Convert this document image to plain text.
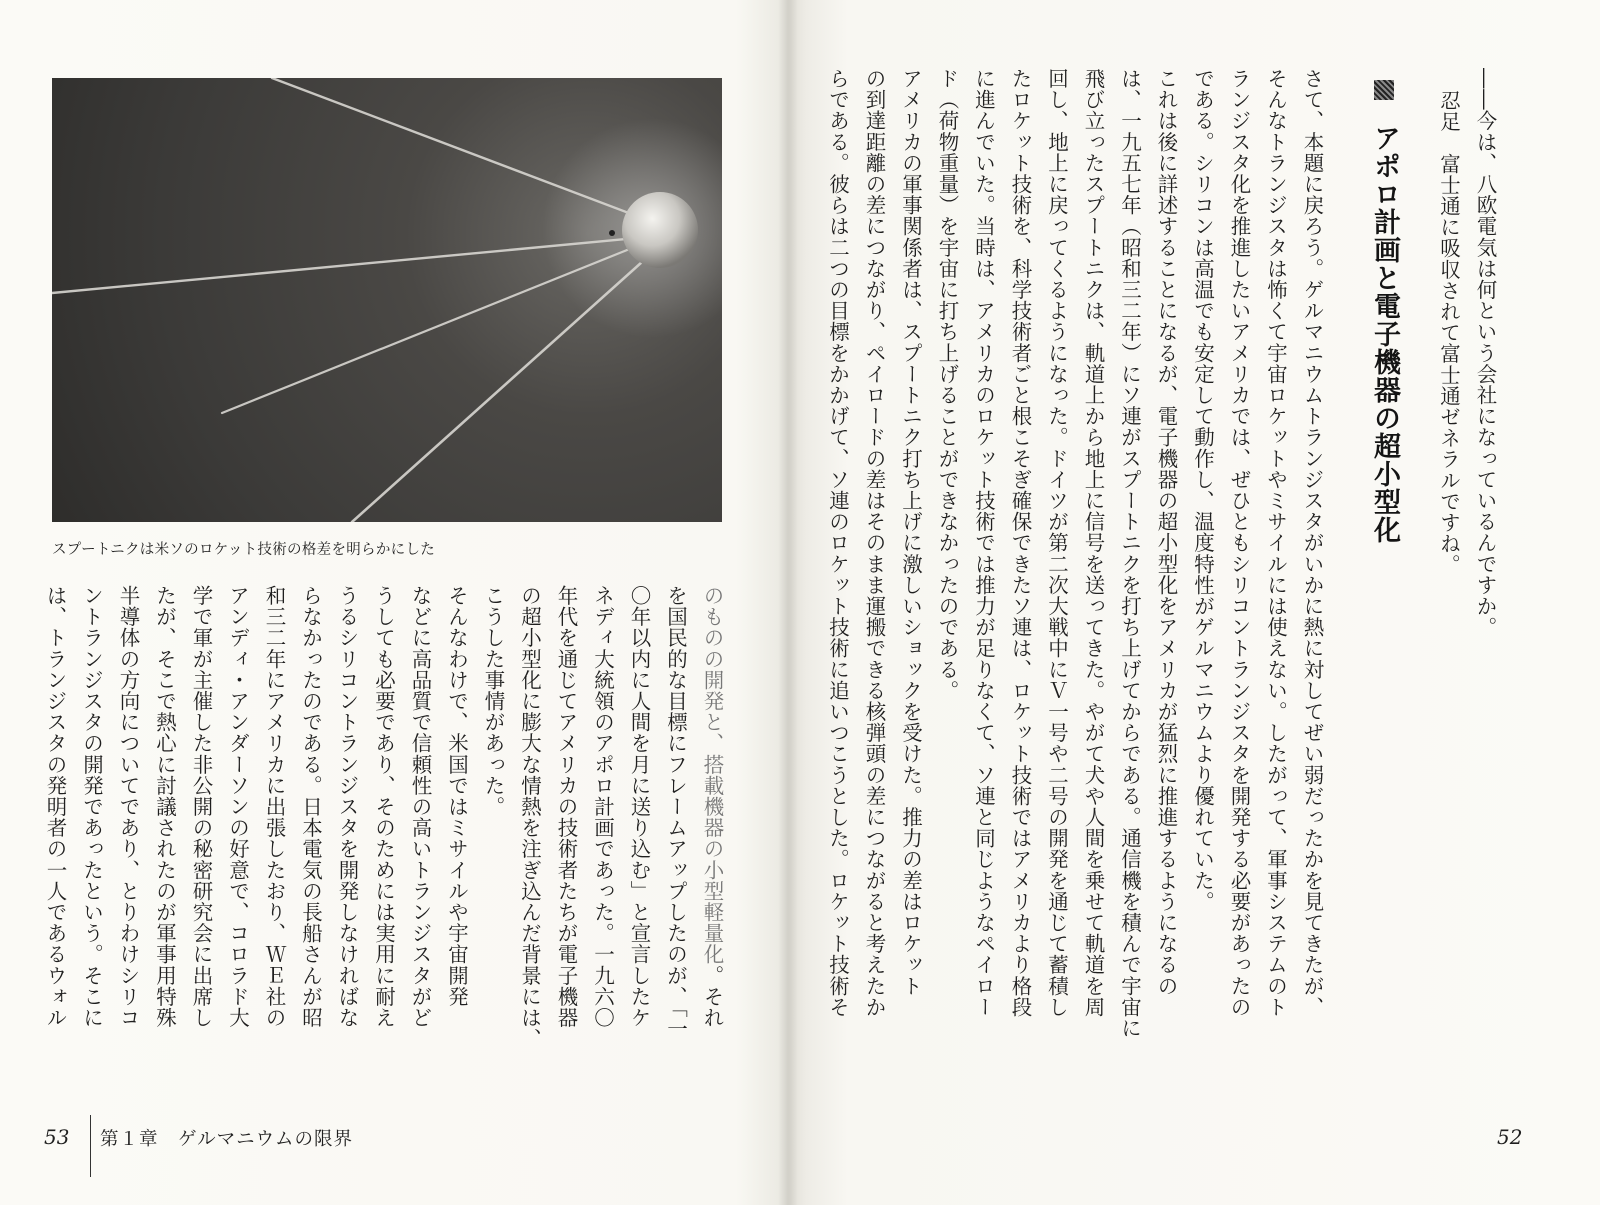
――今は、八欧電気は何という会社になっているんですか。

忍足　富士通に吸収されて富士通ゼネラルですね。

アポロ計画と電子機器の超小型化

さて、本題に戻ろう。ゲルマニウムトランジスタがいかに熱に対してぜい弱だったかを見てきたが、

そんなトランジスタは怖くて宇宙ロケットやミサイルには使えない。したがって、軍事システムのト

ランジスタ化を推進したいアメリカでは、ぜひともシリコントランジスタを開発する必要があったの

である。シリコンは高温でも安定して動作し、温度特性がゲルマニウムより優れていた。

これは後に詳述することになるが、電子機器の超小型化をアメリカが猛烈に推進するようになるの

は、一九五七年（昭和三二年）にソ連がスプートニクを打ち上げてからである。通信機を積んで宇宙に

飛び立ったスプートニクは、軌道上から地上に信号を送ってきた。やがて犬や人間を乗せて軌道を周

回し、地上に戻ってくるようになった。ドイツが第二次大戦中にＶ一号や二号の開発を通じて蓄積し

たロケット技術を、科学技術者ごと根こそぎ確保できたソ連は、ロケット技術ではアメリカより格段

に進んでいた。当時は、アメリカのロケット技術では推力が足りなくて、ソ連と同じようなペイロー

ド（荷物重量）を宇宙に打ち上げることができなかったのである。

アメリカの軍事関係者は、スプートニク打ち上げに激しいショックを受けた。推力の差はロケット

の到達距離の差につながり、ペイロードの差はそのまま運搬できる核弾頭の差につながると考えたか

らである。彼らは二つの目標をかかげて、ソ連のロケット技術に追いつこうとした。ロケット技術そ

52
スプートニクは米ソのロケット技術の格差を明らかにした

のものの開発と、搭載機器の小型軽量化。それ

を国民的な目標にフレームアップしたのが、「一

〇年以内に人間を月に送り込む」と宣言したケ

ネディ大統領のアポロ計画であった。一九六〇

年代を通じてアメリカの技術者たちが電子機器

の超小型化に膨大な情熱を注ぎ込んだ背景には、

こうした事情があった。

そんなわけで、米国ではミサイルや宇宙開発

などに高品質で信頼性の高いトランジスタがど

うしても必要であり、そのためには実用に耐え

うるシリコントランジスタを開発しなければな

らなかったのである。日本電気の長船さんが昭

和三二年にアメリカに出張したおり、ＷＥ社の

アンディ・アンダーソンの好意で、コロラド大

学で軍が主催した非公開の秘密研究会に出席し

たが、そこで熱心に討議されたのが軍事用特殊

半導体の方向についてであり、とりわけシリコ

ントランジスタの開発であったという。そこに

は、トランジスタの発明者の一人であるウォル

53 第１章　ゲルマニウムの限界
